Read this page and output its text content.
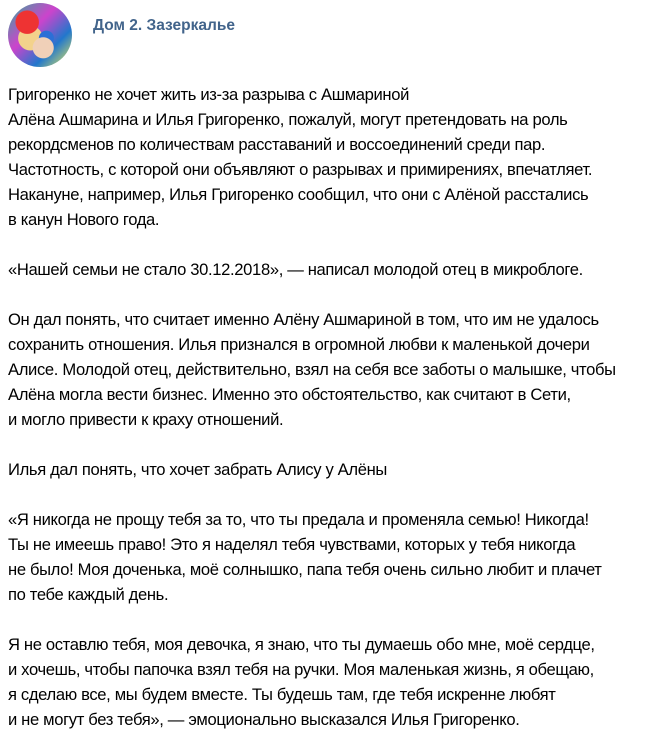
Дом 2. Зазеркалье
Григоренко не хочет жить из-за разрыва с Ашмариной
Алёна Ашмарина и Илья Григоренко, пожалуй, могут претендовать на роль
рекордсменов по количествам расставаний и воссоединений среди пар.
Частотность, с которой они объявляют о разрывах и примирениях, впечатляет.
Накануне, например, Илья Григоренко сообщил, что они с Алёной расстались
в канун Нового года.
«Нашей семьи не стало 30.12.2018», — написал молодой отец в микроблоге.
Он дал понять, что считает именно Алёну Ашмариной в том, что им не удалось
сохранить отношения. Илья признался в огромной любви к маленькой дочери
Алисе. Молодой отец, действительно, взял на себя все заботы о малышке, чтобы
Алёна могла вести бизнес. Именно это обстоятельство, как считают в Сети,
и могло привести к краху отношений.
Илья дал понять, что хочет забрать Алису у Алёны
«Я никогда не прощу тебя за то, что ты предала и променяла семью! Никогда!
Ты не имеешь право! Это я наделял тебя чувствами, которых у тебя никогда
не было! Моя доченька, моё солнышко, папа тебя очень сильно любит и плачет
по тебе каждый день.
Я не оставлю тебя, моя девочка, я знаю, что ты думаешь обо мне, моё сердце,
и хочешь, чтобы папочка взял тебя на ручки. Моя маленькая жизнь, я обещаю,
я сделаю все, мы будем вместе. Ты будешь там, где тебя искренне любят
и не могут без тебя», — эмоционально высказался Илья Григоренко.
